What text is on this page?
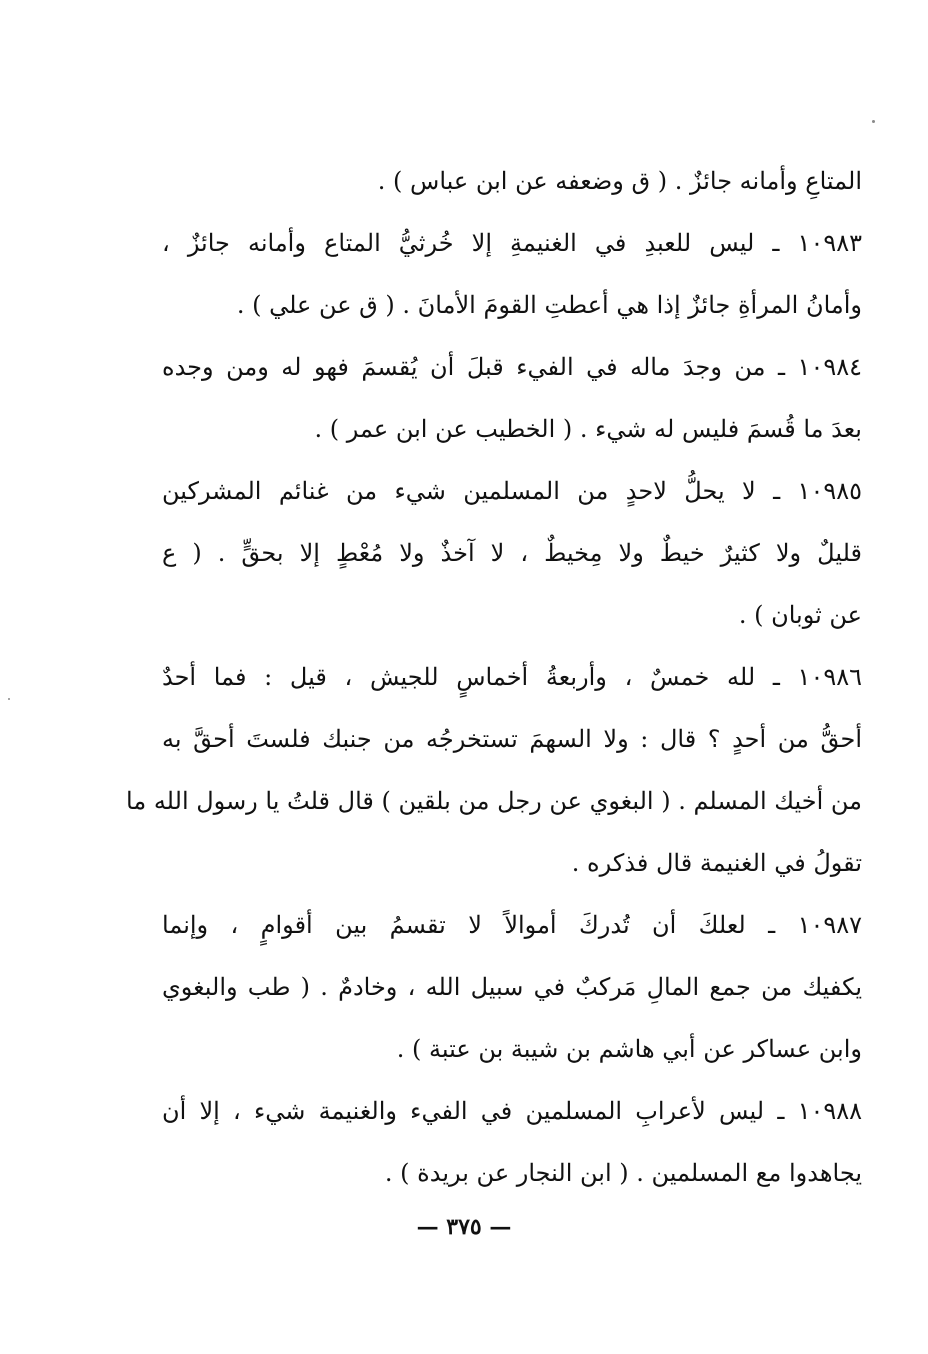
المتاعِ وأمانه جائزٌ . ( ق وضعفه عن ابن عباس ) .
١٠٩٨٣ ـ ليس للعبدِ في الغنيمةِ إلا خُرثيُّ المتاع وأمانه جائزٌ ،
وأمانُ المرأةِ جائزٌ إذا هي أعطتِ القومَ الأمانَ . ( ق عن علي ) .
١٠٩٨٤ ـ من وجدَ ماله في الفيء قبلَ أن يُقسمَ فهو له ومن وجده
بعدَ ما قُسمَ فليس له شيء . ( الخطيب عن ابن عمر ) .
١٠٩٨٥ ـ لا يحلُّ لاحدٍ من المسلمين شيء من غنائم المشركين
قليلٌ ولا كثيرٌ خيطٌ ولا مِخيطٌ ، لا آخذٌ ولا مُعْطٍ إلا بحقٍّ . ( ع
عن ثوبان ) .
١٠٩٨٦ ـ لله خمسٌ ، وأربعةُ أخماسٍ للجيش ، قيل : فما أحدٌ
أحقُّ من أحدٍ ؟ قال : ولا السهمَ تستخرجُه من جنبك فلستَ أحقَّ به
من أخيك المسلم . ( البغوي عن رجل من بلقين ) قال قلتُ يا رسول الله ما
تقولُ في الغنيمة قال فذكره .
١٠٩٨٧ ـ لعلكَ أن تُدركَ أموالاً لا تقسمُ بين أقوامٍ ، وإنما
يكفيك من جمع المالِ مَركبٌ في سبيل الله ، وخادمٌ . ( طب والبغوي
وابن عساكر عن أبي هاشم بن شيبة بن عتبة ) .
١٠٩٨٨ ـ ليس لأعرابِ المسلمين في الفيء والغنيمة شيء ، إلا أن
يجاهدوا مع المسلمين . ( ابن النجار عن بريدة ) .
— ٣٧٥ —
